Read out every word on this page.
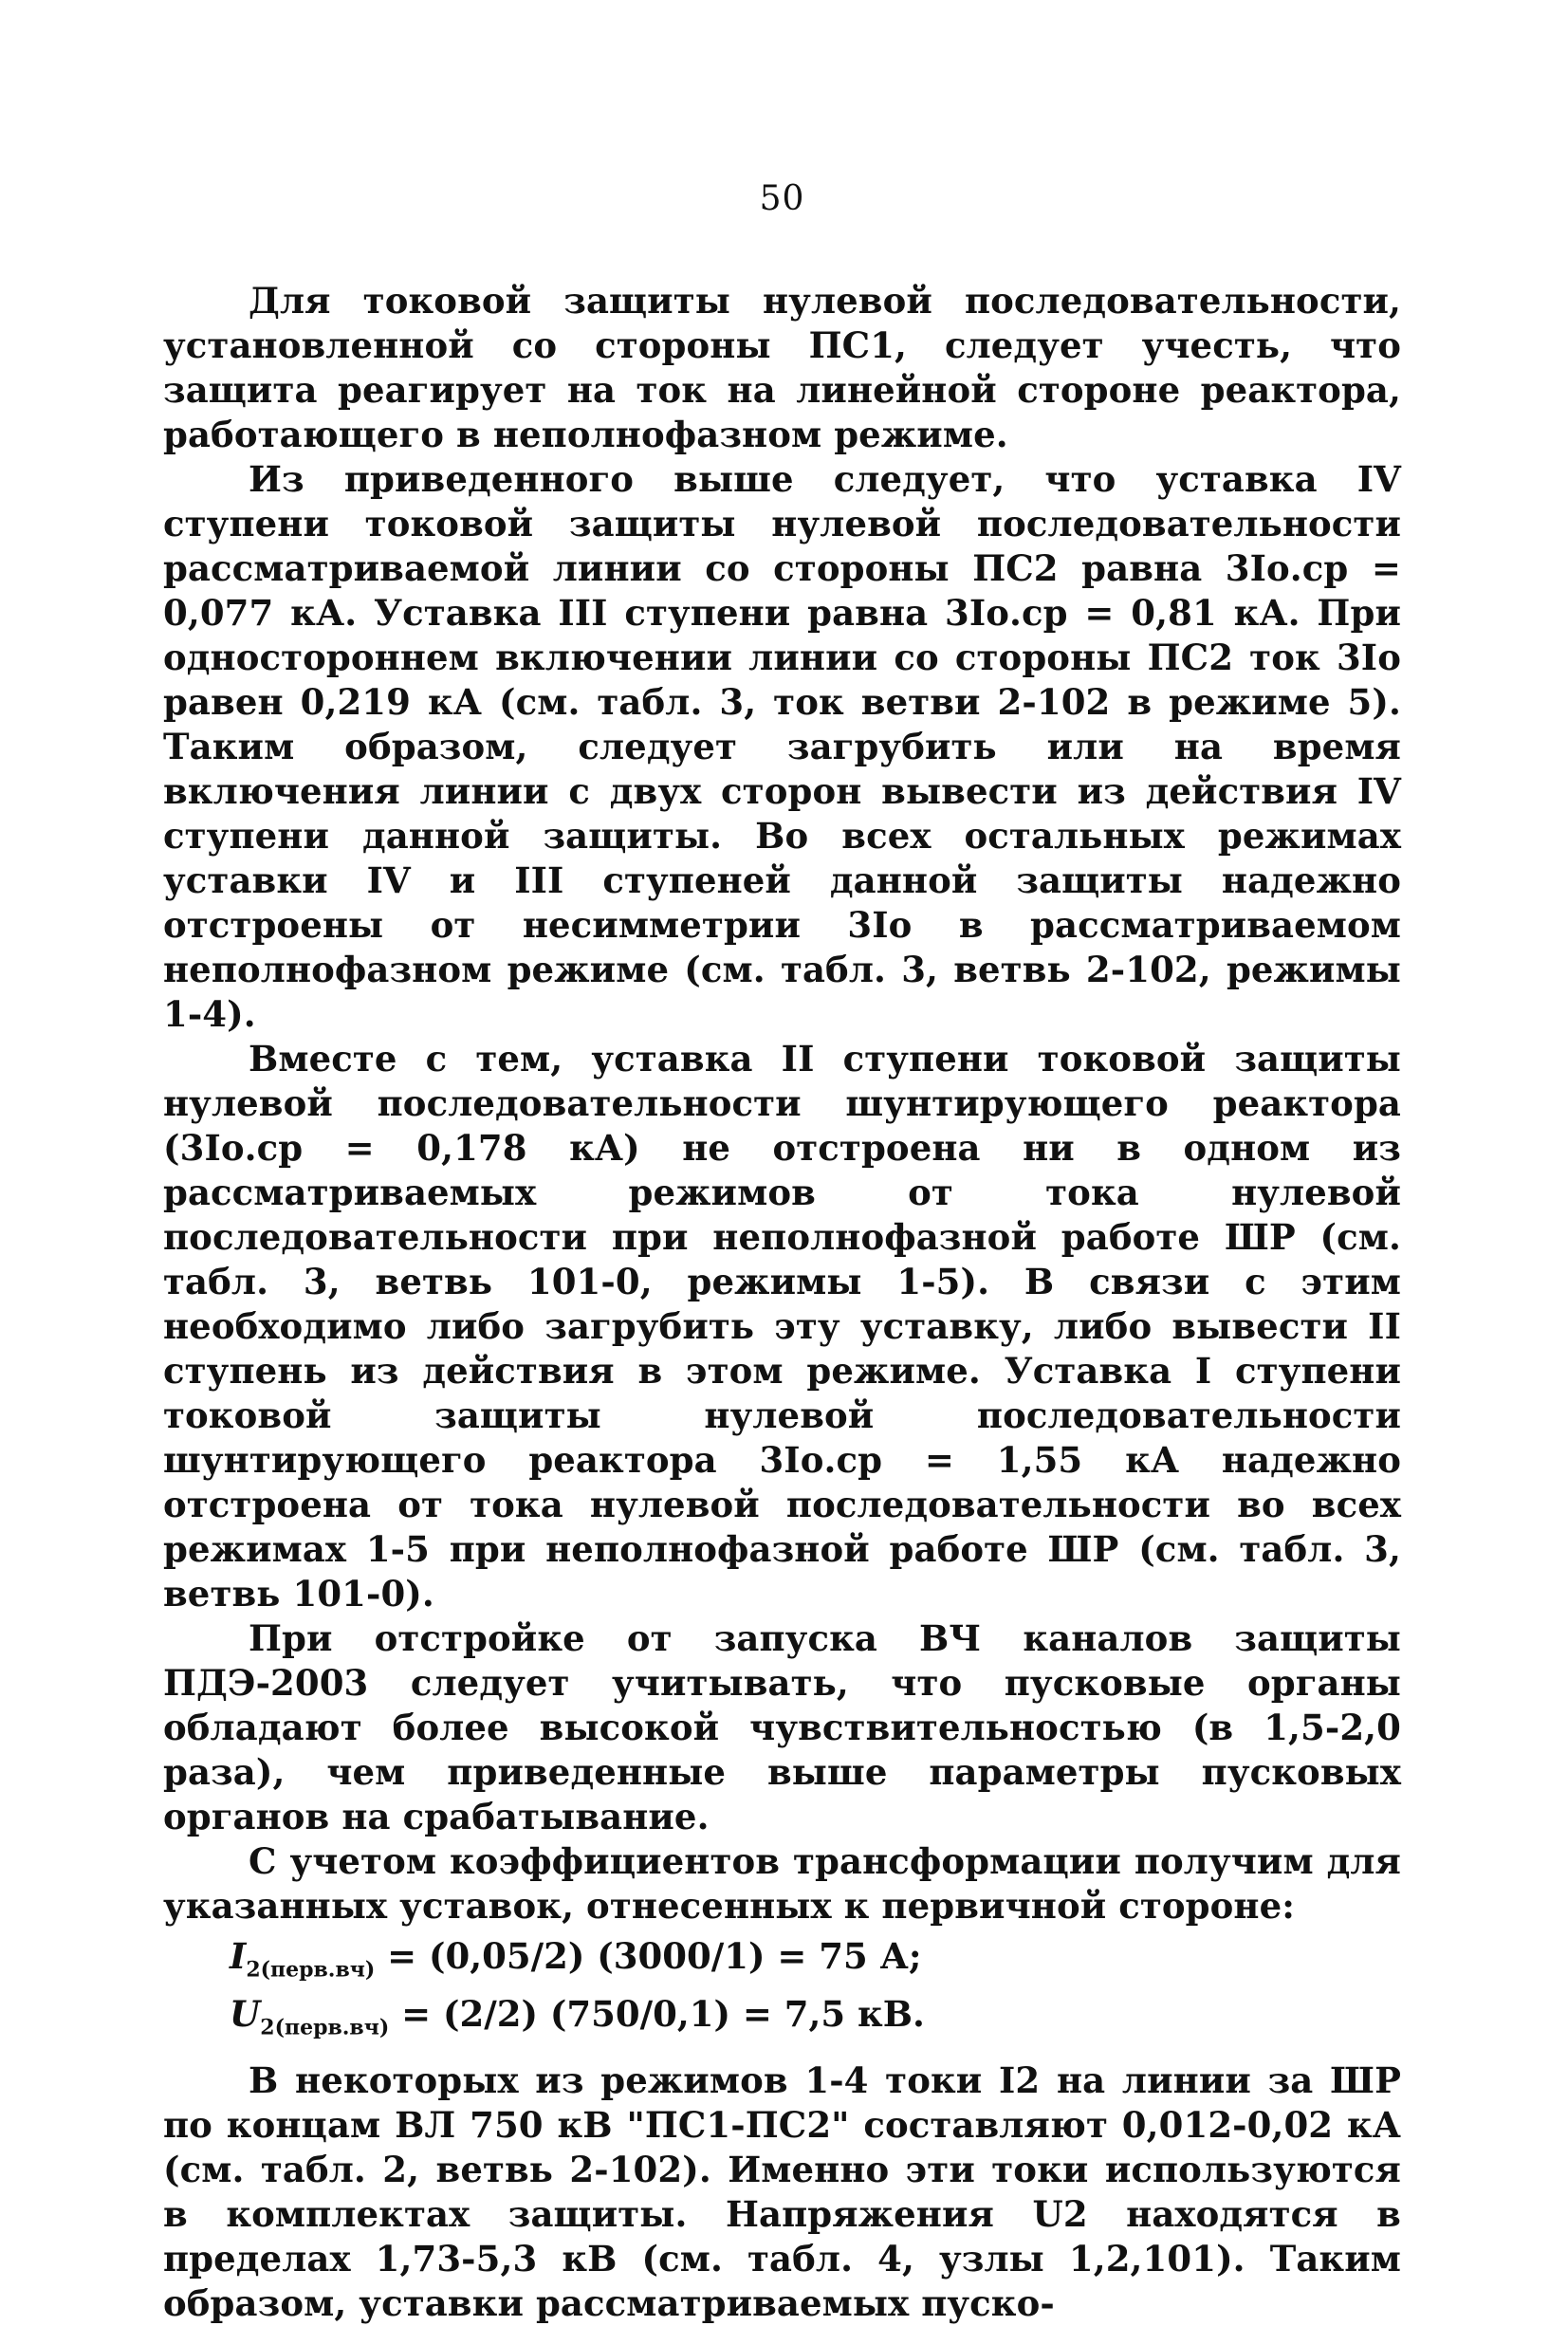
50

Для токовой защиты нулевой последовательности, установленной со стороны ПС1, следует учесть, что защита реагирует на ток на линейной стороне реактора, работающего в неполнофазном режиме.

Из приведенного выше следует, что уставка IV ступени токовой защиты нулевой последовательности рассматриваемой линии со стороны ПС2 равна 3Iо.ср = 0,077 кА. Уставка III ступени равна 3Iо.ср = 0,81 кА. При одностороннем включении линии со стороны ПС2 ток 3Iо равен 0,219 кА (см. табл. 3, ток ветви 2-102 в режиме 5). Таким образом, следует загрубить или на время включения линии с двух сторон вывести из действия IV ступени данной защиты. Во всех остальных режимах уставки IV и III ступеней данной защиты надежно отстроены от несимметрии 3Iо в рассматриваемом неполнофазном режиме (см. табл. 3, ветвь 2-102, режимы 1-4).

Вместе с тем, уставка II ступени токовой защиты нулевой последовательности шунтирующего реактора (3Iо.ср = 0,178 кА) не отстроена ни в одном из рассматриваемых режимов от тока нулевой последовательности при неполнофазной работе ШР (см. табл. 3, ветвь 101-0, режимы 1-5). В связи с этим необходимо либо загрубить эту уставку, либо вывести II ступень из действия в этом режиме. Уставка I ступени токовой защиты нулевой последовательности шунтирующего реактора 3Iо.ср = 1,55 кА надежно отстроена от тока нулевой последовательности во всех режимах 1-5 при неполнофазной работе ШР (см. табл. 3, ветвь 101-0).

При отстройке от запуска ВЧ каналов защиты ПДЭ-2003 следует учитывать, что пусковые органы обладают более высокой чувствительностью (в 1,5-2,0 раза), чем приведенные выше параметры пусковых органов на срабатывание.

С учетом коэффициентов трансформации получим для указанных уставок, отнесенных к первичной стороне:

$I_{2(перв.вч)} = (0,05/2) (3000/1) = 75$ А;
$U_{2(перв.вч)} = (2/2) (750/0,1) = 7,5$ кВ.

В некоторых из режимов 1-4 токи I2 на линии за ШР по концам ВЛ 750 кВ "ПС1-ПС2" составляют 0,012-0,02 кА (см. табл. 2, ветвь 2-102). Именно эти токи используются в комплектах защиты. Напряжения U2 находятся в пределах 1,73-5,3 кВ (см. табл. 4, узлы 1,2,101). Таким образом, уставки рассматриваемых пуско-
